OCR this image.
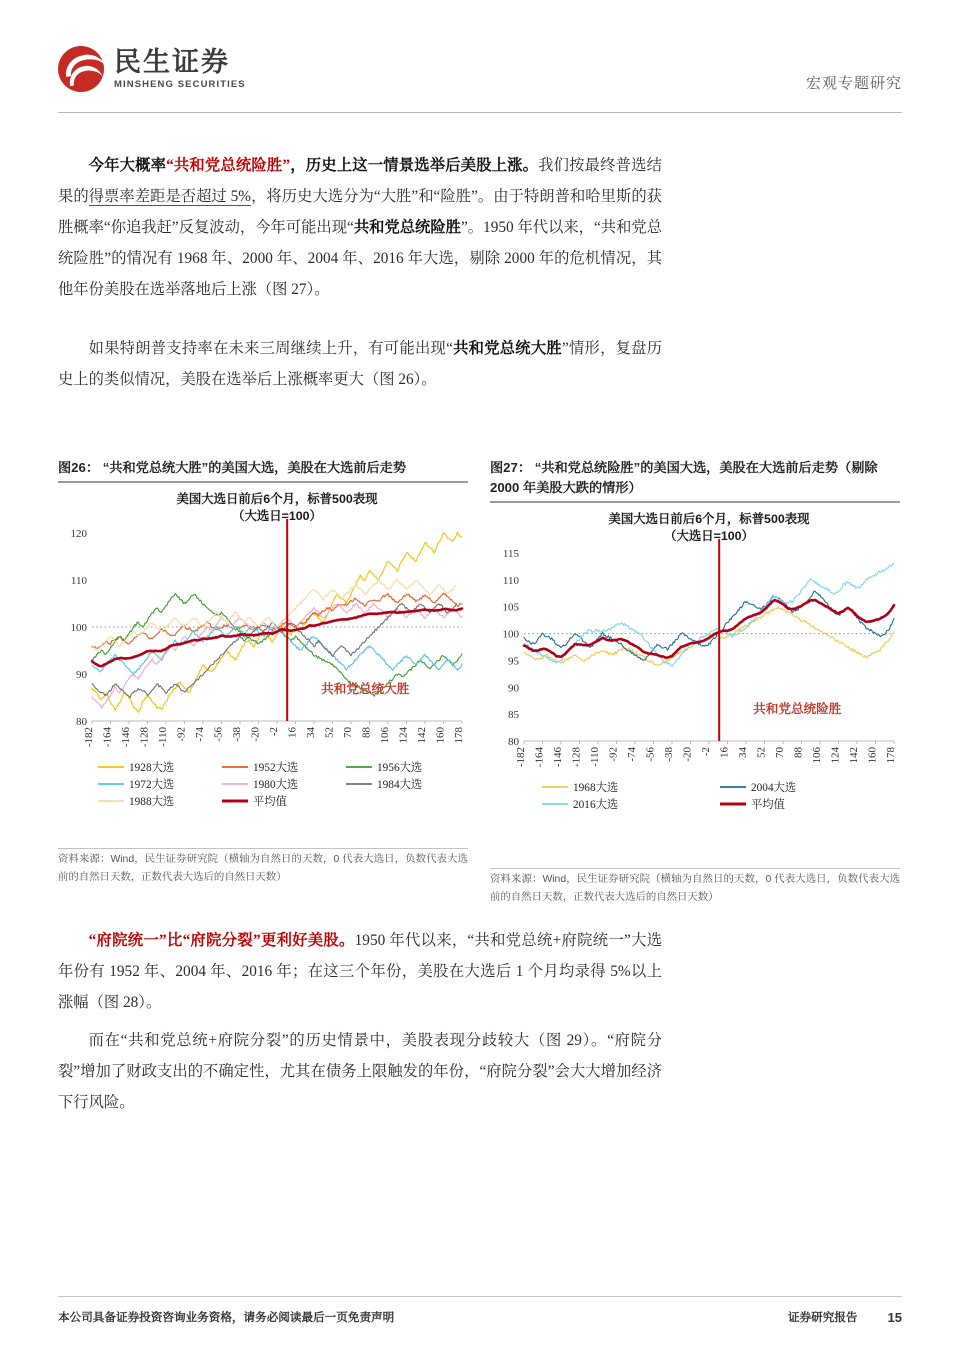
民生证券
MINSHENG SECURITIES	宏观专题研究
今年大概率“共和党总统险胜”，历史上这一情景选举后美股上涨。我们按最终普选结果的得票率差距是否超过 5%，将历史大选分为“大胜”和“险胜”。由于特朗普和哈里斯的获胜概率“你追我赶”反复波动，今年可能出现“共和党总统险胜”。1950 年代以来，“共和党总统险胜”的情况有 1968 年、2000 年、2004 年、2016 年大选，剔除 2000 年的危机情况，其他年份美股在选举落地后上涨（图 27）。
如果特朗普支持率在未来三周继续上升，有可能出现“共和党总统大胜”情形，复盘历史上的类似情况，美股在选举后上涨概率更大（图 26）。
图26： “共和党总统大胜”的美国大选，美股在大选前后走势
美国大选日前后6个月，标普500表现
（大选日=100）
80
90
100
110
120
-182 -164 -146 -128 -110 -92 -74 -56 -38 -20 -2 16 34 52 70 88 106 124 142 160 178
共和党总统大胜
1928大选	1952大选	1956大选
1972大选	1980大选	1984大选
1988大选	平均值
资料来源：Wind，民生证券研究院（横轴为自然日的天数，0 代表大选日，负数代表大选前的自然日天数，正数代表大选后的自然日天数）
图27： “共和党总统险胜”的美国大选，美股在大选前后走势（剔除 2000 年美股大跌的情形）
美国大选日前后6个月，标普500表现
（大选日=100）
80
85
90
95
100
105
110
115
-182 -164 -146 -128 -110 -92 -74 -56 -38 -20 -2 16 34 52 70 88 106 124 142 160 178
共和党总统险胜
1968大选	2004大选
2016大选	平均值
资料来源：Wind，民生证券研究院（横轴为自然日的天数，0 代表大选日，负数代表大选前的自然日天数，正数代表大选后的自然日天数）
“府院统一”比“府院分裂”更利好美股。1950 年代以来，“共和党总统+府院统一”大选年份有 1952 年、2004 年、2016 年；在这三个年份，美股在大选后 1 个月均录得 5%以上涨幅（图 28）。
而在“共和党总统+府院分裂”的历史情景中，美股表现分歧较大（图 29）。“府院分裂”增加了财政支出的不确定性，尤其在债务上限触发的年份，“府院分裂”会大大增加经济下行风险。
本公司具备证券投资咨询业务资格，请务必阅读最后一页免责声明	证券研究报告 15
